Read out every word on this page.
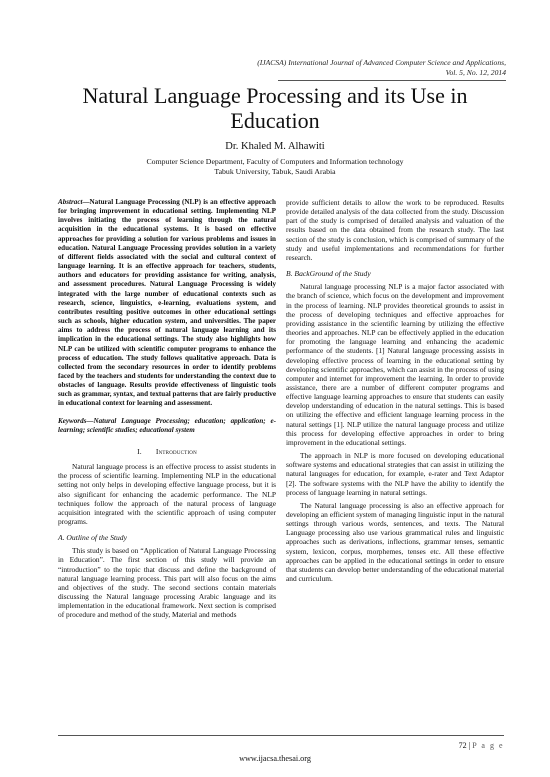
(IJACSA) International Journal of Advanced Computer Science and Applications,
Vol. 5, No. 12, 2014
Natural Language Processing and its Use in
Education
Dr. Khaled M. Alhawiti
Computer Science Department, Faculty of Computers and Information technology
Tabuk University, Tabuk, Saudi Arabia
Abstract—Natural Language Processing (NLP) is an effective approach for bringing improvement in educational setting. Implementing NLP involves initiating the process of learning through the natural acquisition in the educational systems. It is based on effective approaches for providing a solution for various problems and issues in education. Natural Language Processing provides solution in a variety of different fields associated with the social and cultural context of language learning. It is an effective approach for teachers, students, authors and educators for providing assistance for writing, analysis, and assessment procedures. Natural Language Processing is widely integrated with the large number of educational contexts such as research, science, linguistics, e-learning, evaluations system, and contributes resulting positive outcomes in other educational settings such as schools, higher education system, and universities. The paper aims to address the process of natural language learning and its implication in the educational settings. The study also highlights how NLP can be utilized with scientific computer programs to enhance the process of education. The study follows qualitative approach. Data is collected from the secondary resources in order to identify problems faced by the teachers and students for understanding the context due to obstacles of language. Results provide effectiveness of linguistic tools such as grammar, syntax, and textual patterns that are fairly productive in educational context for learning and assessment.
Keywords—Natural Language Processing; education; application; e-learning; scientific studies; educational system
I. Introduction

Natural language process is an effective process to assist students in the process of scientific learning. Implementing NLP in the educational setting not only helps in developing effective language process, but it is also significant for enhancing the academic performance. The NLP techniques follow the approach of the natural process of language acquisition integrated with the scientific approach of using computer programs.

A. Outline of the Study

This study is based on “Application of Natural Language Processing in Education”. The first section of this study will provide an “introduction” to the topic that discuss and define the background of natural language learning process. This part will also focus on the aims and objectives of the study. The second sections contain materials discussing the Natural language processing Arabic language and its implementation in the educational framework. Next section is comprised of procedure and method of the study, Material and methods

provide sufficient details to allow the work to be reproduced. Results provide detailed analysis of the data collected from the study. Discussion part of the study is comprised of detailed analysis and valuation of the results based on the data obtained from the research study. The last section of the study is conclusion, which is comprised of summary of the study and useful implementations and recommendations for further research.

B. BackGround of the Study

Natural language processing NLP is a major factor associated with the branch of science, which focus on the development and improvement in the process of learning. NLP provides theoretical grounds to assist in the process of developing techniques and effective approaches for providing assistance in the scientific learning by utilizing the effective theories and approaches. NLP can be effectively applied in the education for promoting the language learning and enhancing the academic performance of the students. [1] Natural language processing assists in developing effective process of learning in the educational setting by developing scientific approaches, which can assist in the process of using computer and internet for improvement the learning. In order to provide assistance, there are a number of different computer programs and effective language learning approaches to ensure that students can easily develop understanding of education in the natural settings. This is based on utilizing the effective and efficient language learning process in the natural settings [1]. NLP utilize the natural language process and utilize this process for developing effective approaches in order to bring improvement in the educational settings.

The approach in NLP is more focused on developing educational software systems and educational strategies that can assist in utilizing the natural languages for education, for example, e-rater and Text Adaptor [2]. The software systems with the NLP have the ability to identify the process of language learning in natural settings.

The Natural language processing is also an effective approach for developing an efficient system of managing linguistic input in the natural settings through various words, sentences, and texts. The Natural Language processing also use various grammatical rules and linguistic approaches such as derivations, inflections, grammar tenses, semantic system, lexicon, corpus, morphemes, tenses etc. All these effective approaches can be applied in the educational settings in order to ensure that students can develop better understanding of the educational material and curriculum.

72 | P a g e
www.ijacsa.thesai.org
